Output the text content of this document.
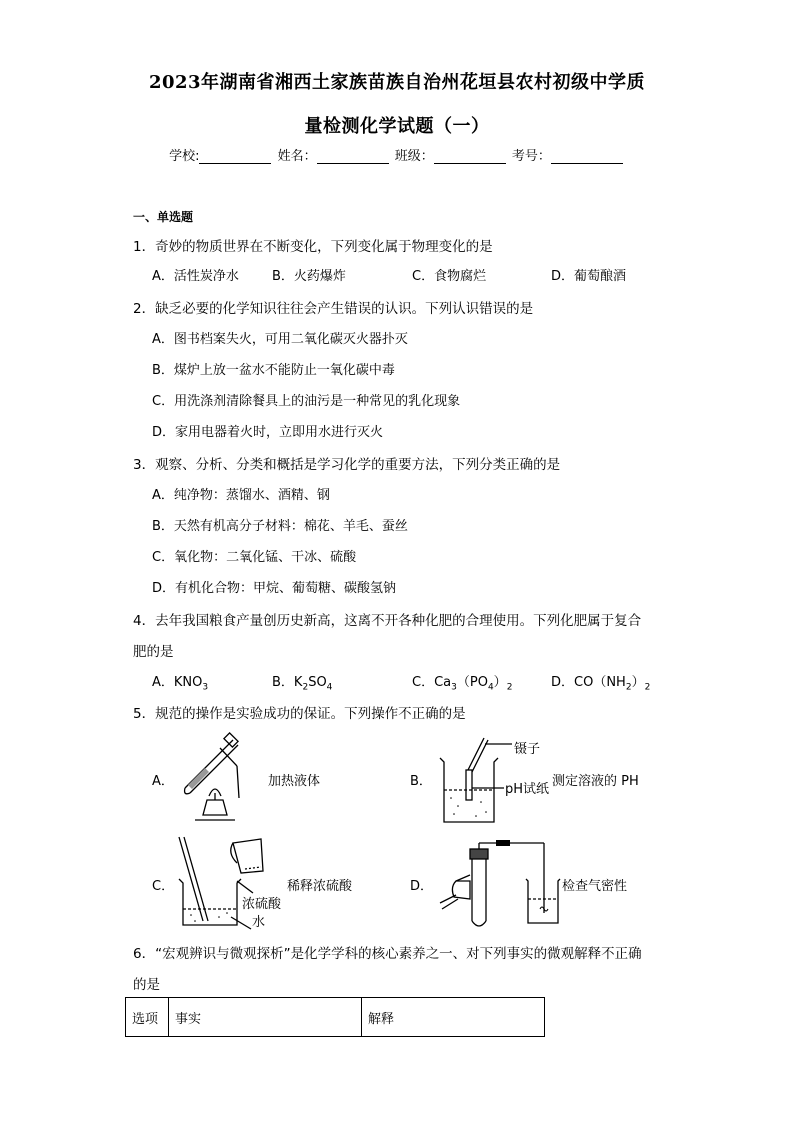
2023年湖南省湘西土家族苗族自治州花垣县农村初级中学质
量检测化学试题（一）
学校:	姓名：	班级：	考号：
一、单选题
1．奇妙的物质世界在不断变化，下列变化属于物理变化的是
A．活性炭净水	B．火药爆炸	C．食物腐烂	D．葡萄酿酒
2．缺乏必要的化学知识往往会产生错误的认识。下列认识错误的是
A．图书档案失火，可用二氧化碳灭火器扑灭
B．煤炉上放一盆水不能防止一氧化碳中毒
C．用洗涤剂清除餐具上的油污是一种常见的乳化现象
D．家用电器着火时，立即用水进行灭火
3．观察、分析、分类和概括是学习化学的重要方法，下列分类正确的是
A．纯净物：蒸馏水、酒精、钢
B．天然有机高分子材料：棉花、羊毛、蚕丝
C．氧化物：二氧化锰、干冰、硫酸
D．有机化合物：甲烷、葡萄糖、碳酸氢钠
4．去年我国粮食产量创历史新高，这离不开各种化肥的合理使用。下列化肥属于复合
肥的是
A．$KNO_3$	B．$K_2SO_4$	C．$Ca_3(PO_4)_2$	D．$CO(NH_2)_2$
5．规范的操作是实验成功的保证。下列操作不正确的是
A．	加热液体	B．
镊子
pH试纸
测定溶液的 PH
C．	稀释浓硫酸
浓硫酸
水
D．	检查气密性
6．“宏观辨识与微观探析”是化学学科的核心素养之一、对下列事实的微观解释不正确
的是
选项	事实	解释
